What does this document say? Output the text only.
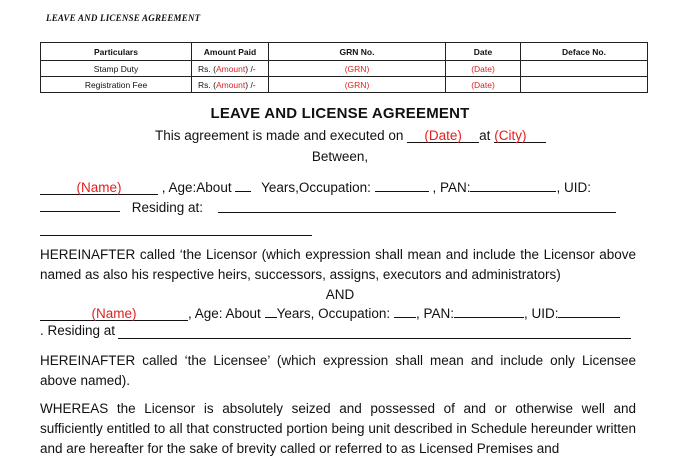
LEAVE AND LICENSE AGREEMENT
Particulars	Amount Paid	GRN No.	Date	Deface No.
Stamp Duty	Rs. (Amount) /-	(GRN)	(Date)	
Registration Fee	Rs. (Amount) /-	(GRN)	(Date)	
LEAVE AND LICENSE AGREEMENT
This agreement is made and executed on (Date) at (City)
Between,
(Name)	, Age:About Years,Occupation:	, PAN:	, UID:
Residing at:
HEREINAFTER called ‘the Licensor (which expression shall mean and include the Licensor above named as also his respective heirs, successors, assigns, executors and administrators)
AND
(Name)	, Age: About Years, Occupation: , PAN:	, UID:
. Residing at
HEREINAFTER called ‘the Licensee’ (which expression shall mean and include only Licensee above named).
WHEREAS the Licensor is absolutely seized and possessed of and or otherwise well and sufficiently entitled to all that constructed portion being unit described in Schedule hereunder written and are hereafter for the sake of brevity called or referred to as Licensed Premises and
